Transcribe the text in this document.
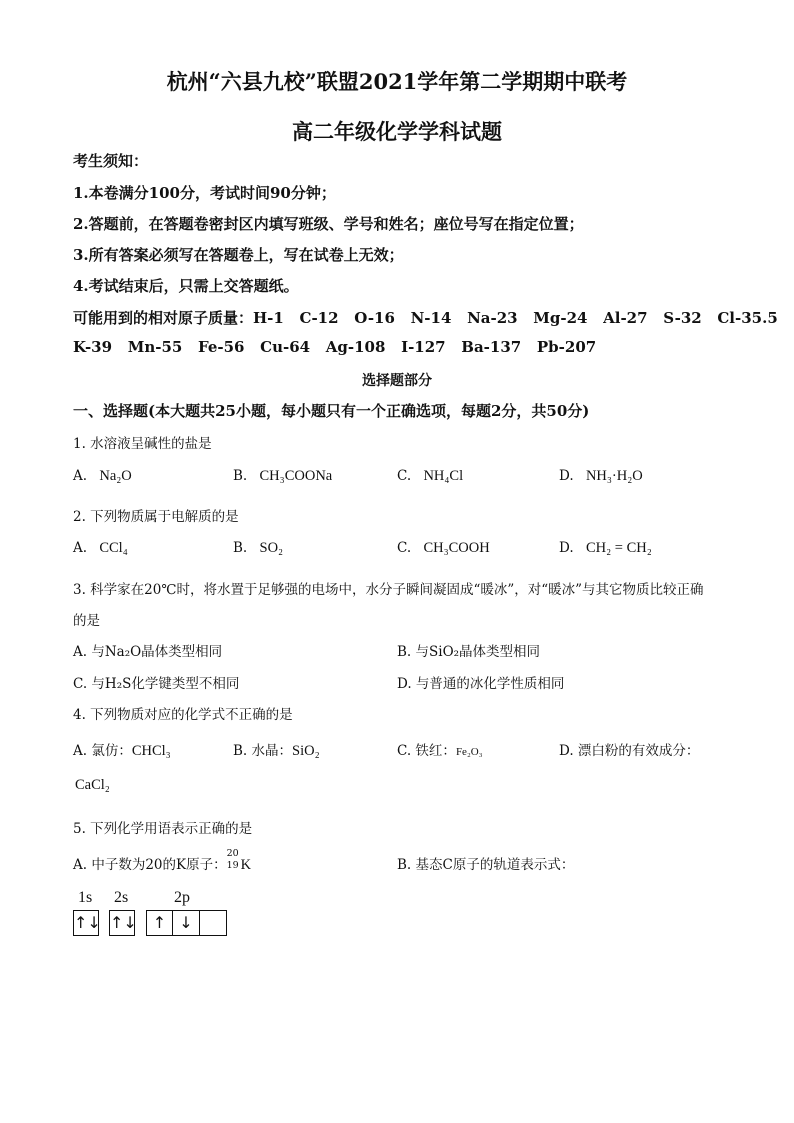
杭州“六县九校”联盟2021学年第二学期期中联考
高二年级化学学科试题
考生须知：
1.本卷满分100分，考试时间90分钟；
2.答题前，在答题卷密封区内填写班级、学号和姓名；座位号写在指定位置；
3.所有答案必须写在答题卷上，写在试卷上无效；
4.考试结束后，只需上交答题纸。
可能用到的相对原子质量：H-1   C-12   O-16   N-14   Na-23   Mg-24   Al-27   S-32   Cl-35.5
K-39   Mn-55   Fe-56   Cu-64   Ag-108   I-127   Ba-137   Pb-207
选择题部分
一、选择题(本大题共25小题，每小题只有一个正确选项，每题2分，共50分)
1. 水溶液呈碱性的盐是
A. Na₂O	B. CH₃COONa	C. NH₄Cl	D. NH₃·H₂O
2. 下列物质属于电解质的是
A. CCl₄	B. SO₂	C. CH₃COOH	D. CH₂ = CH₂
3. 科学家在20℃时，将水置于足够强的电场中，水分子瞬间凝固成“暖冰”，对“暖冰”与其它物质比较正确
的是
A. 与Na₂O晶体类型相同	B. 与SiO₂晶体类型相同
C. 与H₂S化学键类型不相同	D. 与普通的冰化学性质相同
4. 下列物质对应的化学式不正确的是
A. 氯仿：CHCl₃	B. 水晶：SiO₂	C. 铁红：Fe₂O₃	D. 漂白粉的有效成分：
CaCl₂
5. 下列化学用语表示正确的是
A. 中子数为20的K原子：
20
19 K	B. 基态C原子的轨道表示式：
1s 2s	2p
↑↓ ↑↓ ↑ ↓
